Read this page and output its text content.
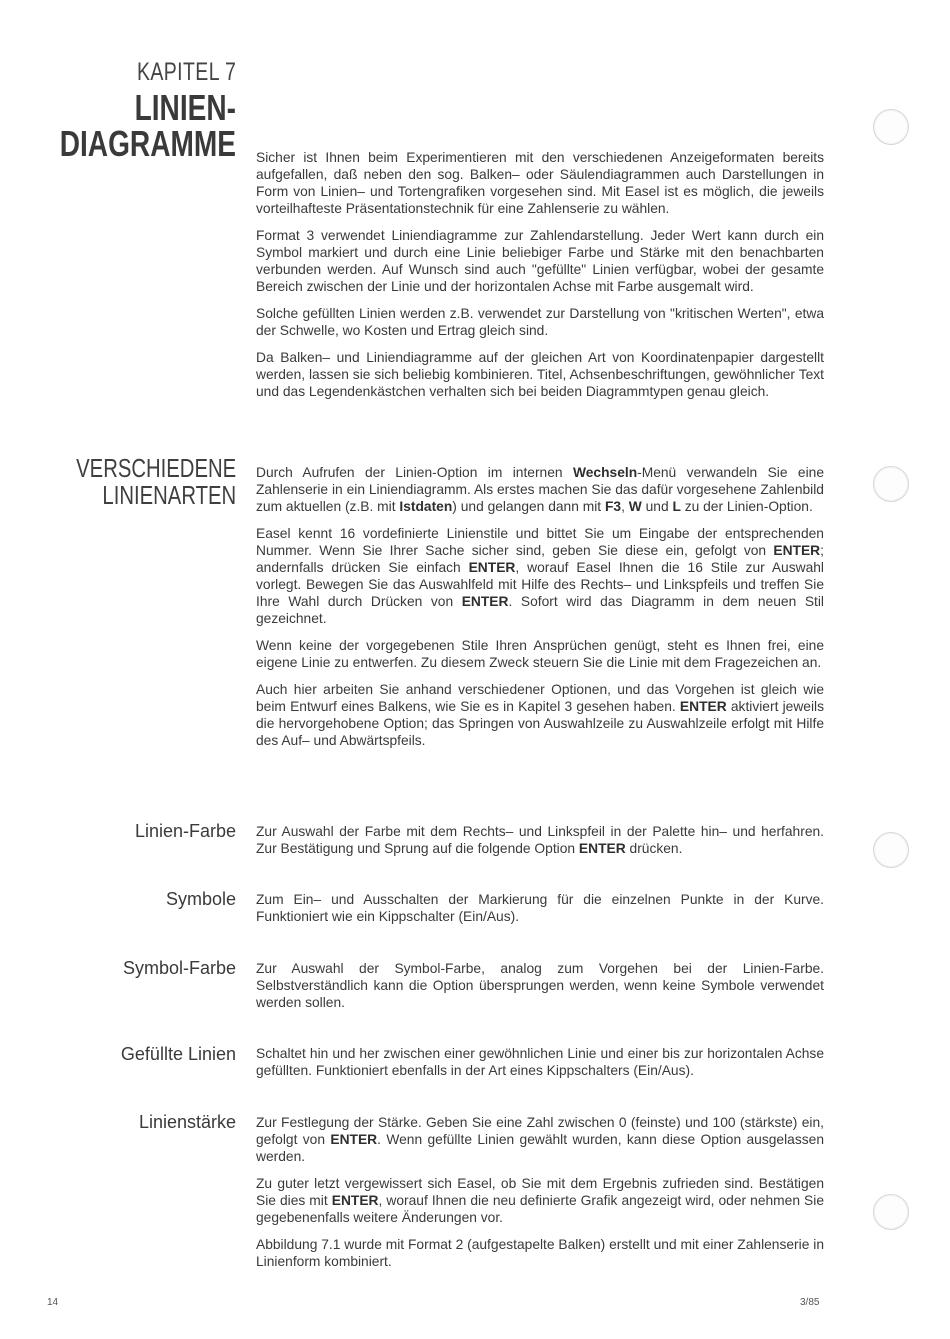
KAPITEL 7
LINIEN-
DIAGRAMME Sicher ist Ihnen beim Experimentieren mit den verschiedenen Anzeigeformaten bereits aufgefallen, daß neben den sog. Balken– oder Säulendiagrammen auch Darstellungen in Form von Linien– und Tortengrafiken vorgesehen sind. Mit Easel ist es möglich, die jeweils vorteilhafteste Präsentationstechnik für eine Zahlenserie zu wählen.

Format 3 verwendet Liniendiagramme zur Zahlendarstellung. Jeder Wert kann durch ein Symbol markiert und durch eine Linie beliebiger Farbe und Stärke mit den benachbarten verbunden werden. Auf Wunsch sind auch "gefüllte" Linien verfügbar, wobei der gesamte Bereich zwischen der Linie und der horizontalen Achse mit Farbe ausgemalt wird.

Solche gefüllten Linien werden z.B. verwendet zur Darstellung von "kritischen Werten", etwa der Schwelle, wo Kosten und Ertrag gleich sind.

Da Balken– und Liniendiagramme auf der gleichen Art von Koordinatenpapier dargestellt werden, lassen sie sich beliebig kombinieren. Titel, Achsenbeschriftungen, gewöhnlicher Text und das Legendenkästchen verhalten sich bei beiden Diagrammtypen genau gleich.

VERSCHIEDENE
LINIENARTEN

Durch Aufrufen der Linien-Option im internen Wechseln-Menü verwandeln Sie eine Zahlenserie in ein Liniendiagramm. Als erstes machen Sie das dafür vorgesehene Zahlenbild zum aktuellen (z.B. mit Istdaten) und gelangen dann mit F3, W und L zu der Linien-Option.

Easel kennt 16 vordefinierte Linienstile und bittet Sie um Eingabe der entsprechenden Nummer. Wenn Sie Ihrer Sache sicher sind, geben Sie diese ein, gefolgt von ENTER; andernfalls drücken Sie einfach ENTER, worauf Easel Ihnen die 16 Stile zur Auswahl vorlegt. Bewegen Sie das Auswahlfeld mit Hilfe des Rechts– und Linkspfeils und treffen Sie Ihre Wahl durch Drücken von ENTER. Sofort wird das Diagramm in dem neuen Stil gezeichnet.

Wenn keine der vorgegebenen Stile Ihren Ansprüchen genügt, steht es Ihnen frei, eine eigene Linie zu entwerfen. Zu diesem Zweck steuern Sie die Linie mit dem Fragezeichen an.

Auch hier arbeiten Sie anhand verschiedener Optionen, und das Vorgehen ist gleich wie beim Entwurf eines Balkens, wie Sie es in Kapitel 3 gesehen haben. ENTER aktiviert jeweils die hervorgehobene Option; das Springen von Auswahlzeile zu Auswahlzeile erfolgt mit Hilfe des Auf– und Abwärtspfeils.

Linien-Farbe Zur Auswahl der Farbe mit dem Rechts– und Linkspfeil in der Palette hin– und herfahren. Zur Bestätigung und Sprung auf die folgende Option ENTER drücken.

Symbole Zum Ein– und Ausschalten der Markierung für die einzelnen Punkte in der Kurve. Funktioniert wie ein Kippschalter (Ein/Aus).

Symbol-Farbe Zur Auswahl der Symbol-Farbe, analog zum Vorgehen bei der Linien-Farbe. Selbstverständlich kann die Option übersprungen werden, wenn keine Symbole verwendet werden sollen.

Gefüllte Linien Schaltet hin und her zwischen einer gewöhnlichen Linie und einer bis zur horizontalen Achse gefüllten. Funktioniert ebenfalls in der Art eines Kippschalters (Ein/Aus).

Linienstärke Zur Festlegung der Stärke. Geben Sie eine Zahl zwischen 0 (feinste) und 100 (stärkste) ein, gefolgt von ENTER. Wenn gefüllte Linien gewählt wurden, kann diese Option ausgelassen werden.

Zu guter letzt vergewissert sich Easel, ob Sie mit dem Ergebnis zufrieden sind. Bestätigen Sie dies mit ENTER, worauf Ihnen die neu definierte Grafik angezeigt wird, oder nehmen Sie gegebenenfalls weitere Änderungen vor.

Abbildung 7.1 wurde mit Format 2 (aufgestapelte Balken) erstellt und mit einer Zahlenserie in Linienform kombiniert.

14	3/85
